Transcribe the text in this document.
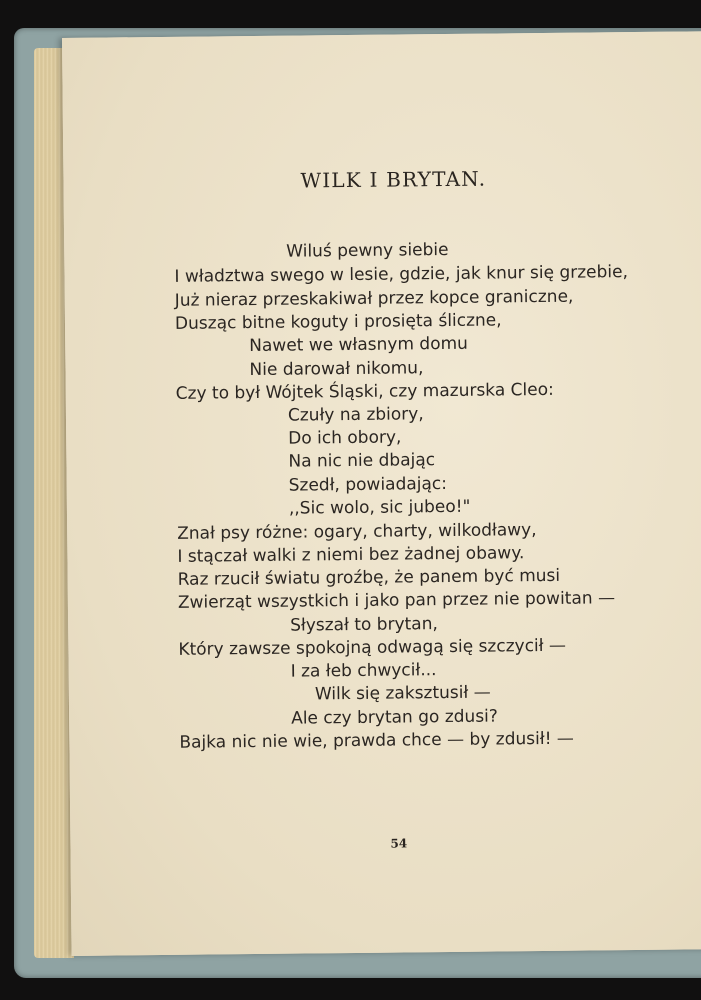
WILK I BRYTAN.
Wiluś pewny siebie
I władztwa swego w lesie, gdzie, jak knur się grzebie,
Już nieraz przeskakiwał przez kopce graniczne,
Dusząc bitne koguty i prosięta śliczne,
Nawet we własnym domu
Nie darował nikomu,
Czy to był Wójtek Śląski, czy mazurska Cleo:
Czuły na zbiory,
Do ich obory,
Na nic nie dbając
Szedł, powiadając:
,,Sic wolo, sic jubeo!"
Znał psy różne: ogary, charty, wilkodławy,
I stączał walki z niemi bez żadnej obawy.
Raz rzucił światu groźbę, że panem być musi
Zwierząt wszystkich i jako pan przez nie powitan —
Słyszał to brytan,
Który zawsze spokojną odwagą się szczycił —
I za łeb chwycił...
Wilk się zaksztusił —
Ale czy brytan go zdusi?
Bajka nic nie wie, prawda chce — by zdusił! —
54
